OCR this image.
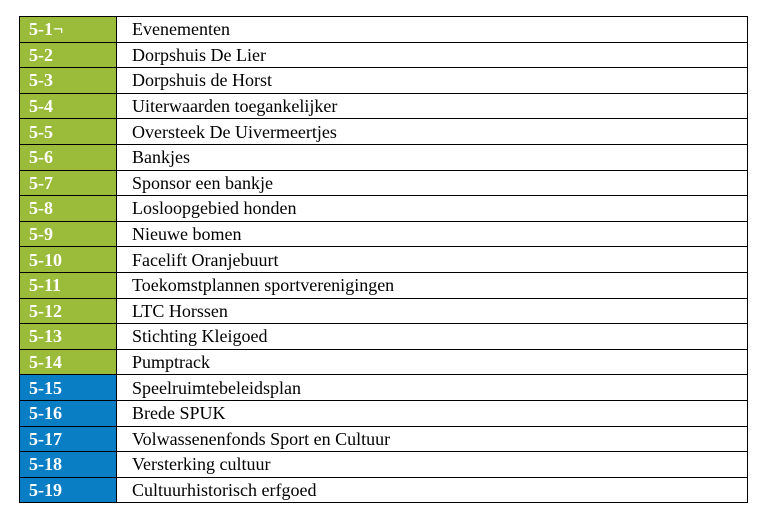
5-1¬	Evenementen
5-2	Dorpshuis De Lier
5-3	Dorpshuis de Horst
5-4	Uiterwaarden toegankelijker
5-5	Oversteek De Uivermeertjes
5-6	Bankjes
5-7	Sponsor een bankje
5-8	Losloopgebied honden
5-9	Nieuwe bomen
5-10	Facelift Oranjebuurt
5-11	Toekomstplannen sportverenigingen
5-12	LTC Horssen
5-13	Stichting Kleigoed
5-14	Pumptrack
5-15	Speelruimtebeleidsplan
5-16	Brede SPUK
5-17	Volwassenenfonds Sport en Cultuur
5-18	Versterking cultuur
5-19	Cultuurhistorisch erfgoed
